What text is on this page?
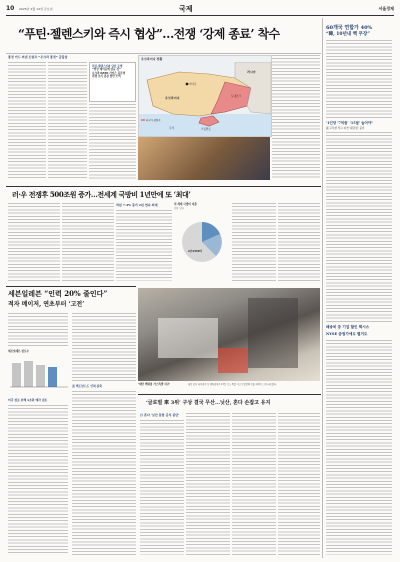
10 2025년 2월 14일 금요일	국제	서울경제
“푸틴·젤렌스키와 즉시 협상”…전쟁 ‘강제 종료’ 착수
종전 카드 꺼낸 트럼프 “우크라 종전” 급물살
푸틴·젤렌스키와 당선 동맹
“협상 테이블에 앉을 것”
우크라 NATO 가입은 불투명
전쟁 조기 종결 방안 모색
우크라이나 전황
러시아
우크라이나
키이우
도네츠크
크림반도
흑해
러시아 점령지
60개국 연합가 40%
“韓, 10년내 핵 무장”
‘1인당 ‘7억원’ ‘15달’ 늘어야”
美 고무밴 작고 파견 ‘팬클럽’ 중자
배송비 등 기업 할인 택시스
NYSE 증권가에도 별거도
러·우 전쟁후 500조원 증가…전세계 국방비 1년만에 또 ‘최대’
작년 7.4% 증가 2년 연속 최대	전 세계 국방비 지출
단위: 달러
2조4430억
세븐일레븐 “인력 20% 줄인다”
적자 메이저, 연초부터 ‘고전’
세븐일레븐 점포수
미국 점포 위해 1조원 매각 검토
美 맥도날드도 인력 감축	‘대만 백화점 가스폭발 사고’	대만 중부 타이중의 한 백화점에서 13일 가스 폭발 사고가 발생해 건물 외벽이 크게 파손됐다.
‘글로벌 車 3위’ 구상 결국 무산…닛산, 혼다 손잡고 유지
日 혼다 ‘닛산 통합 공식 중단’
